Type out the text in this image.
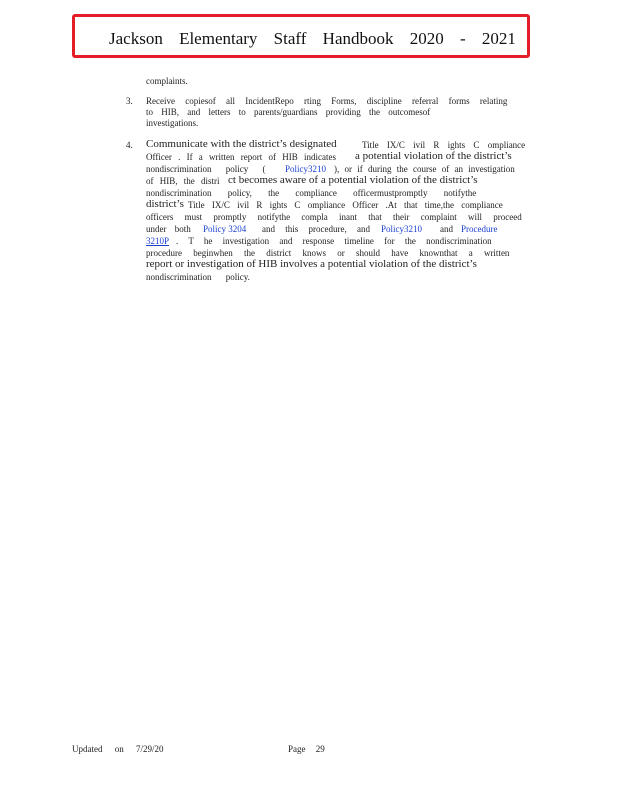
Jackson Elementary Staff Handbook 2020 - 2021
complaints.
3. Receive copiesof all IncidentRepo rting Forms, discipline referral forms relating
to HIB, and letters to parents/guardians providing the outcomesof
investigations.
4. Communicate with the district’s designated	Title IX/C ivil R ights C ompliance
Officer . If a written report of HIB indicates a potential violation of the district’s
nondiscrimination policy ( Policy3210 ), or if during the course of an investigation
of HIB, the distri ct becomes aware of a potential violation of the district’s
nondiscrimination policy, the compliance officermustpromptly notifythe
district’s Title IX/C ivil R ights C ompliance Officer .At that time,the compliance
officers must promptly notifythe compla inant that their complaint will proceed
under both Policy 3204 and this procedure, and Policy3210 and Procedure
3210P . T he investigation and response timeline for the nondiscrimination
procedure beginwhen the district knows or should have knownthat a written
report or investigation of HIB involves a potential violation of the district’s
nondiscrimination policy.
Updated on 7/29/20	Page 29
